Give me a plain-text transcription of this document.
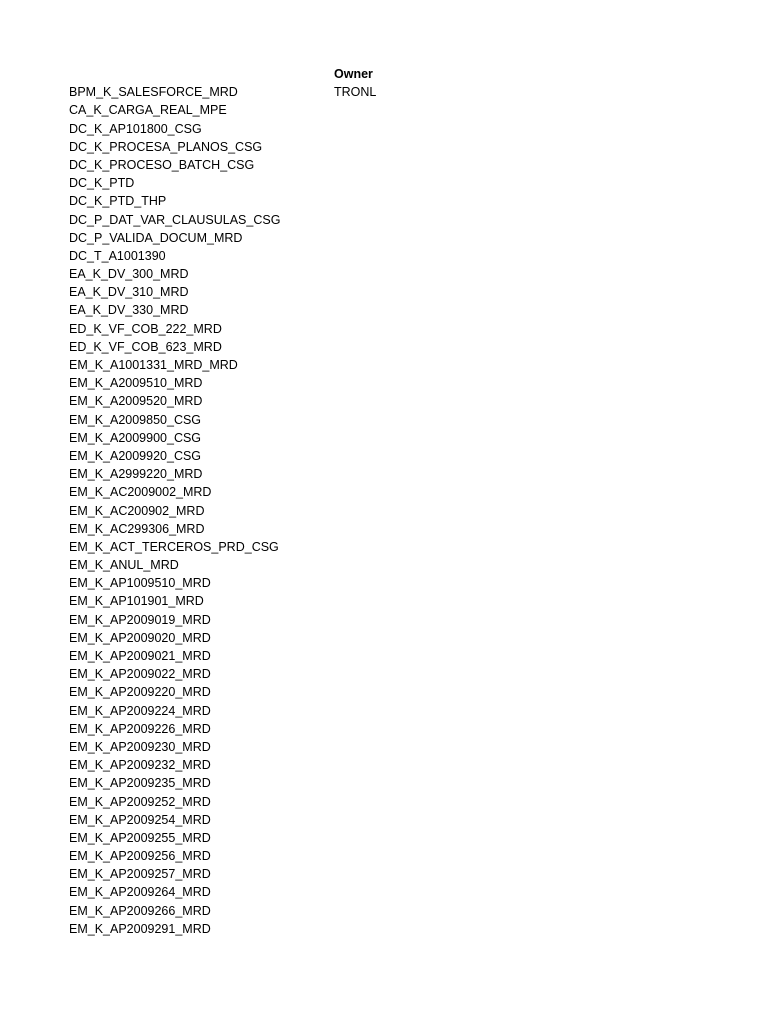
Owner
BPM_K_SALESFORCE_MRD	TRONL
CA_K_CARGA_REAL_MPE
DC_K_AP101800_CSG
DC_K_PROCESA_PLANOS_CSG
DC_K_PROCESO_BATCH_CSG
DC_K_PTD
DC_K_PTD_THP
DC_P_DAT_VAR_CLAUSULAS_CSG
DC_P_VALIDA_DOCUM_MRD
DC_T_A1001390
EA_K_DV_300_MRD
EA_K_DV_310_MRD
EA_K_DV_330_MRD
ED_K_VF_COB_222_MRD
ED_K_VF_COB_623_MRD
EM_K_A1001331_MRD_MRD
EM_K_A2009510_MRD
EM_K_A2009520_MRD
EM_K_A2009850_CSG
EM_K_A2009900_CSG
EM_K_A2009920_CSG
EM_K_A2999220_MRD
EM_K_AC2009002_MRD
EM_K_AC200902_MRD
EM_K_AC299306_MRD
EM_K_ACT_TERCEROS_PRD_CSG
EM_K_ANUL_MRD
EM_K_AP1009510_MRD
EM_K_AP101901_MRD
EM_K_AP2009019_MRD
EM_K_AP2009020_MRD
EM_K_AP2009021_MRD
EM_K_AP2009022_MRD
EM_K_AP2009220_MRD
EM_K_AP2009224_MRD
EM_K_AP2009226_MRD
EM_K_AP2009230_MRD
EM_K_AP2009232_MRD
EM_K_AP2009235_MRD
EM_K_AP2009252_MRD
EM_K_AP2009254_MRD
EM_K_AP2009255_MRD
EM_K_AP2009256_MRD
EM_K_AP2009257_MRD
EM_K_AP2009264_MRD
EM_K_AP2009266_MRD
EM_K_AP2009291_MRD
